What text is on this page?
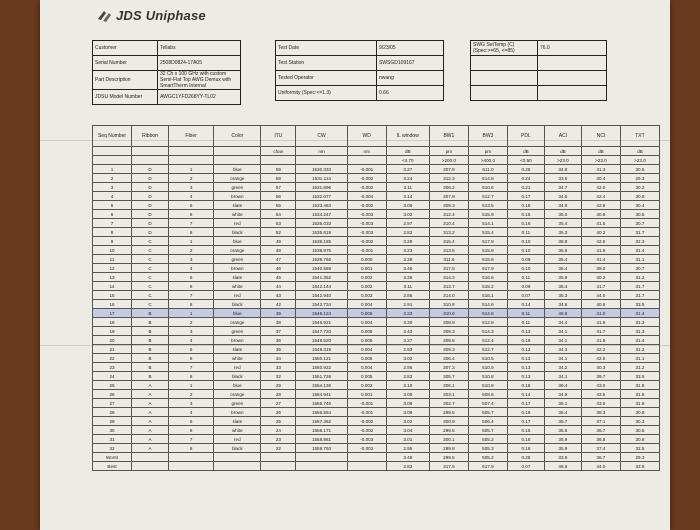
JDS Uniphase
Customer	Tellabs
Serial Number	2508D0824-17A05
Part Description	32 Ch x 100 GHz with custom Semi-Flat Top AWG Demux with SmartTherm Internal
JDSU Model Number	AWGC1YFD268YY-TL02
Test Date	9/23/05
Test Station	SWSGD109167
Tested Operator	nwang
Uniformity (Spec:<=1.3)	0.66
SWG SetTemp (C) (Spec:>=65, <=85)	76.0

Seq Number	Ribbon	Fiber	Color	ITU	CW	WD	IL window	BW1	BW3	PDL	ACI	NCI	TXT
				chan	nm	nm	dB	pm	pm	dB	dB	dB	dB
							<4.70	>200.0	>400.0	<0.50	>23.0	>23.0	>23.0
1	D	1	blue	59	1530.333	-0.001	3.27	307.9	511.0	0.25	34.8	41.3	30.5
2	D	2	orange	58	1531.114	-0.002	3.24	312.3	514.8	0.24	33.5	40.4	29.3
3	D	3	green	57	1531.896	-0.002	3.11	306.2	510.6	0.21	34.7	42.0	30.2
4	D	4	brown	56	1532.677	-0.004	3.14	307.8	512.7	0.17	34.5	42.4	30.6
5	D	5	slate	55	1533.463	-0.002	3.06	309.3	513.5	0.18	34.9	42.8	30.4
6	D	6	white	54	1534.247	-0.003	3.02	312.4	515.9	0.15	35.0	40.6	30.5
7	D	7	red	53	1535.033	-0.003	2.97	310.4	514.1	0.16	35.4	41.5	30.7
8	D	8	black	52	1535.819	-0.003	2.82	313.2	515.4	0.11	35.3	40.2	31.7
9	C	1	blue	49	1538.185	-0.002	3.29	315.4	517.8	0.10	38.8	42.0	32.3
10	C	2	orange	48	1538.975	-0.001	3.23	313.5	515.9	0.10	35.6	41.6	31.4
11	C	3	green	47	1539.766	0.000	3.38	311.6	515.6	0.09	35.4	41.4	31.1
12	C	4	brown	46	1540.559	0.001	3.48	317.5	517.9	0.10	35.4	39.0	30.7
13	C	5	slate	45	1541.352	0.002	3.36	314.3	516.6	0.11	35.9	40.2	31.2
14	C	6	white	44	1542.144	0.002	3.11	313.7	515.2	0.09	35.4	41.7	31.7
15	C	7	red	43	1542.940	0.003	2.86	314.0	516.1	0.07	35.3	44.0	31.7
16	C	8	black	42	1543.734	0.004	2.91	310.8	514.6	0.14	34.6	40.6	33.5
17	B	1	blue	39	1546.124	0.005	3.23	310.6	514.6	0.11	46.6	41.0	31.4
18	B	2	orange	38	1546.921	0.004	3.30	308.9	512.8	0.11	34.4	41.6	31.3
19	B	3	green	37	1547.720	0.005	3.43	309.3	514.3	0.13	34.1	41.7	31.3
20	B	4	brown	36	1548.520	0.005	3.27	308.8	512.4	0.16	34.1	41.8	31.4
21	B	5	slate	35	1549.319	0.004	2.93	309.3	512.7	0.12	34.3	42.2	31.2
22	B	6	white	34	1550.121	0.005	3.02	306.4	510.5	0.13	34.1	42.0	31.1
23	B	7	red	33	1550.922	0.004	2.95	307.3	510.9	0.13	34.2	40.3	31.2
24	B	8	black	32	1551.726	0.005	2.82	305.7	510.8	0.13	34.1	39.7	33.5
25	A	1	blue	29	1554.136	0.002	3.10	306.1	510.8	0.18	39.4	43.0	31.8
26	A	2	orange	28	1554.941	0.001	3.05	303.1	508.6	0.14	34.9	43.5	31.5
27	A	3	green	27	1555.746	-0.001	3.08	302.7	507.4	0.17	35.1	43.5	31.6
28	A	4	brown	26	1556.554	-0.001	3.08	299.5	505.7	0.16	35.4	38.3	30.8
29	A	5	slate	25	1557.362	-0.002	3.02	300.9	506.4	0.17	35.7	37.1	30.3
30	A	6	white	24	1558.171	-0.002	3.04	299.5	505.7	0.15	35.6	36.7	30.5
31	A	7	red	23	1558.981	-0.003	3.01	300.1	505.2	0.18	35.9	36.8	30.8
32	A	8	black	22	1559.793	-0.002	2.95	299.8	505.3	0.18	35.9	37.4	32.5
Worst							3.48	299.5	505.2	0.25	33.5	36.7	29.3
Best							2.82	317.5	517.9	0.07	46.6	44.0	33.5
